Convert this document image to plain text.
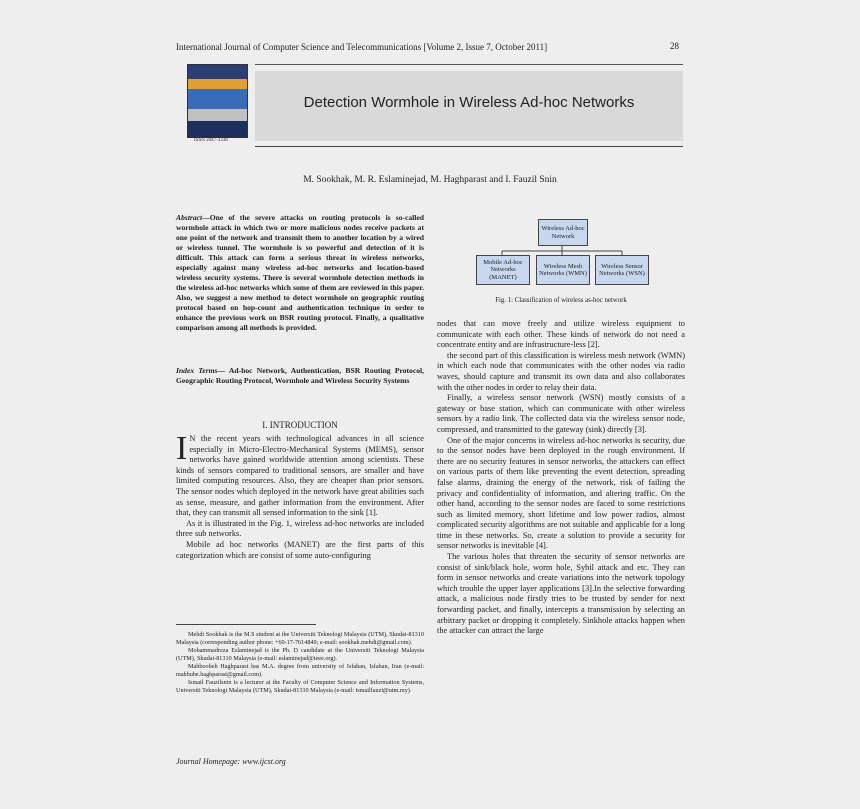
International Journal of Computer Science and Telecommunications [Volume 2, Issue 7, October 2011]	28
ISSN 2047-3338
Detection Wormhole in Wireless Ad-hoc Networks
M. Sookhak, M. R. Eslaminejad, M. Haghparast and I. Fauzil Snin
Abstract—One of the severe attacks on routing protocols is so-called wormhole attack in which two or more malicious nodes receive packets at one point of the network and transmit them to another location by a wired or wireless tunnel. The wormhole is so powerful and detection of it is difficult. This attack can form a serious threat in wireless networks, especially against many wireless ad-hoc networks and location-based wireless security systems. There is several wormhole detection methods in the wireless ad-hoc networks which some of them are reviewed in this paper. Also, we suggest a new method to detect wormhole on geographic routing protocol based on hop-count and authentication technique in order to enhance the previous work on BSR routing protocol. Finally, a qualitative comparison among all methods is provided.
Index Terms— Ad-hoc Network, Authentication, BSR Routing Protocol, Geographic Routing Protocol, Wormhole and Wireless Security Systems
I. INTRODUCTION

I N the recent years with technological advances in all science especially in Micro-Electro-Mechanical Systems (MEMS), sensor networks have gained worldwide attention among scientists. These kinds of sensors compared to traditional sensors, are smaller and have limited computing resources. Also, they are cheaper than prior sensors. The sensor nodes which deployed in the network have great abilities such as sense, measure, and gather information from the environment. After that, they can transmit all sensed information to the sink [1].

As it is illustrated in the Fig. 1, wireless ad-hoc networks are included three sub networks.

Mobile ad hoc networks (MANET) are the first parts of this categorization which are consist of some auto-configuring

Mehdi Sookhak is the M.S student at the Universiti Teknologi Malaysia (UTM), Skudai-81310 Malaysia (corresponding author phone: +60-17-7614849; e-mail: sookhak.mehdi@gmail.com).

Mohammadreza Eslaminejad is the Ph. D candidate at the Universiti Teknologi Malaysia (UTM), Skudai-81310 Malaysia (e-mail: eslaminejad@ieee.org).

Mahboobeh Haghparast has M.A. degree from university of Isfahan, Isfahan, Iran (e-mail: mahbube.haghparast@gmail.com).

Ismail Fauzilsnin is a lecturer at the Faculty of Computer Science and Information Systems, Universiti Teknologi Malaysia (UTM), Skudai-81310 Malaysia (e-mail: ismailfauzi@utm.my).

Journal Homepage: www.ijcst.org
Wireless Ad-hoc Network
Mobile Ad-hoc Networks (MANET)
Wireless Mesh Networks (WMN)
Wireless Sensor Networks (WSN)
Fig. 1: Classification of wireless as-hoc network

nodes that can move freely and utilize wireless equipment to communicate with each other. These kinds of network do not need a concentrate entity and are infrastructure-less [2].

the second part of this classification is wireless mesh network (WMN) in which each node that communicates with the other nodes via radio waves, should capture and transmit its own data and also collaborates with the other nodes in order to relay their data.

Finally, a wireless sensor network (WSN) mostly consists of a gateway or base station, which can communicate with other wireless sensors by a radio link. The collected data via the wireless sensor node, compressed, and transmitted to the gateway (sink) directly [3].

One of the major concerns in wireless ad-hoc networks is security, due to the sensor nodes have been deployed in the rough environment. If there are no security features in sensor networks, the attackers can effect on various parts of them like preventing the event detection, spreading false alarms, draining the energy of the network, risk of failing the privacy and confidentiality of information, and altering traffic. On the other hand, according to the sensor nodes are faced to some restrictions such as limited memory, short lifetime and low power radios, almost complicated security algorithms are not suitable and applicable for a long time in these networks. So, create a solution to provide a security for sensor networks is inevitable [4].

The various holes that threaten the security of sensor networks are consist of sink/black hole, worm hole, Sybil attack and etc. They can form in sensor networks and create variations into the network topology which trouble the upper layer applications [3].In the selective forwarding attack, a malicious node firstly tries to be trusted by sender for next forwarding packet, and finally, intercepts a transmission by selecting an arbitrary packet or dropping it completely. Sinkhole attacks happen when the attacker can attract the large
